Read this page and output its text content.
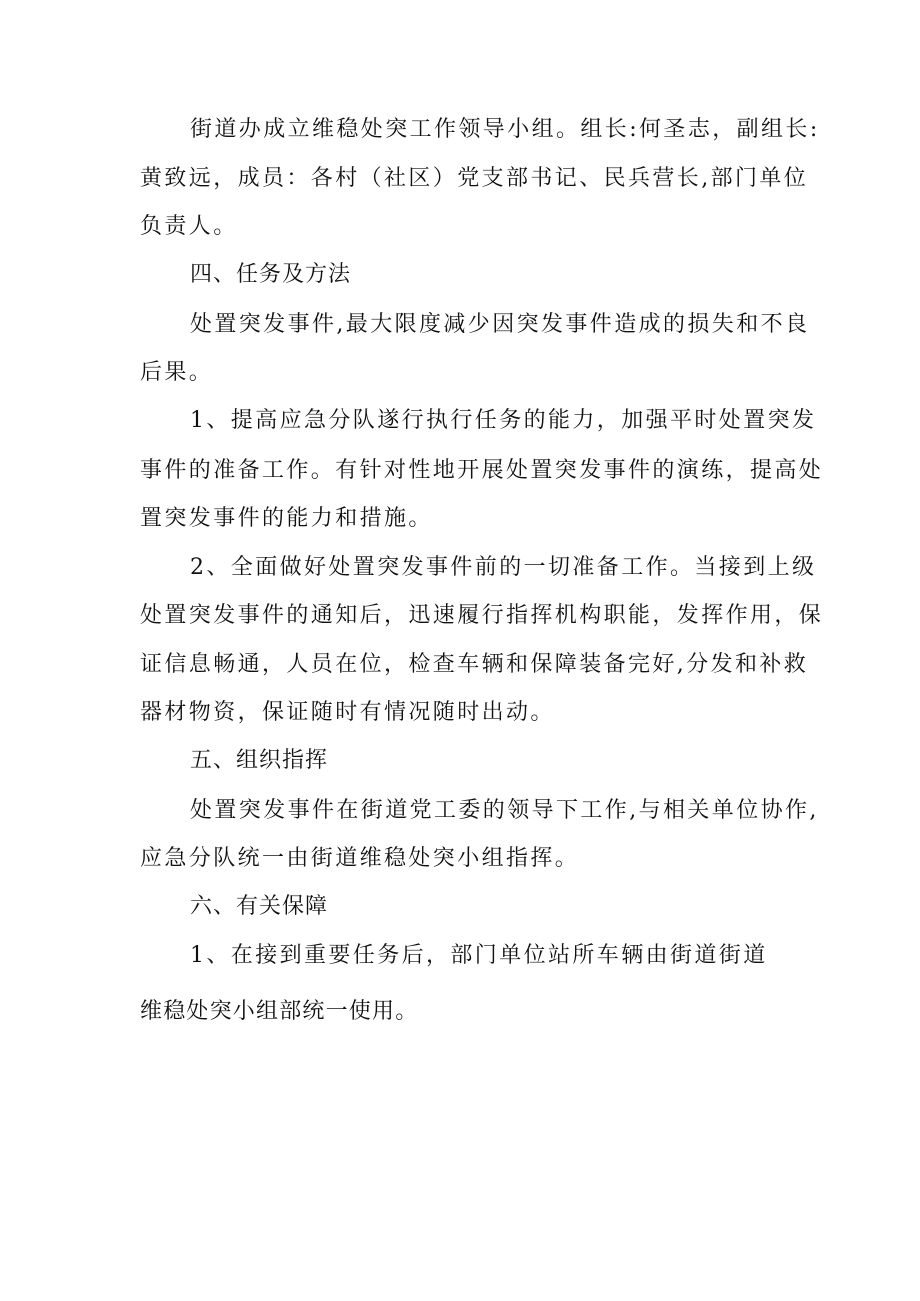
街道办成立维稳处突工作领导小组。组长:何圣志，副组长:
黄致远，成员：各村（社区）党支部书记、民兵营长,部门单位
负责人。
四、任务及方法
处置突发事件,最大限度减少因突发事件造成的损失和不良
后果。
1、提高应急分队遂行执行任务的能力，加强平时处置突发
事件的准备工作。有针对性地开展处置突发事件的演练，提高处
置突发事件的能力和措施。
2、全面做好处置突发事件前的一切准备工作。当接到上级
处置突发事件的通知后，迅速履行指挥机构职能，发挥作用，保
证信息畅通，人员在位，检查车辆和保障装备完好,分发和补救
器材物资，保证随时有情况随时出动。
五、组织指挥
处置突发事件在街道党工委的领导下工作,与相关单位协作,
应急分队统一由街道维稳处突小组指挥。
六、有关保障
1、在接到重要任务后，部门单位站所车辆由街道街道
维稳处突小组部统一使用。
